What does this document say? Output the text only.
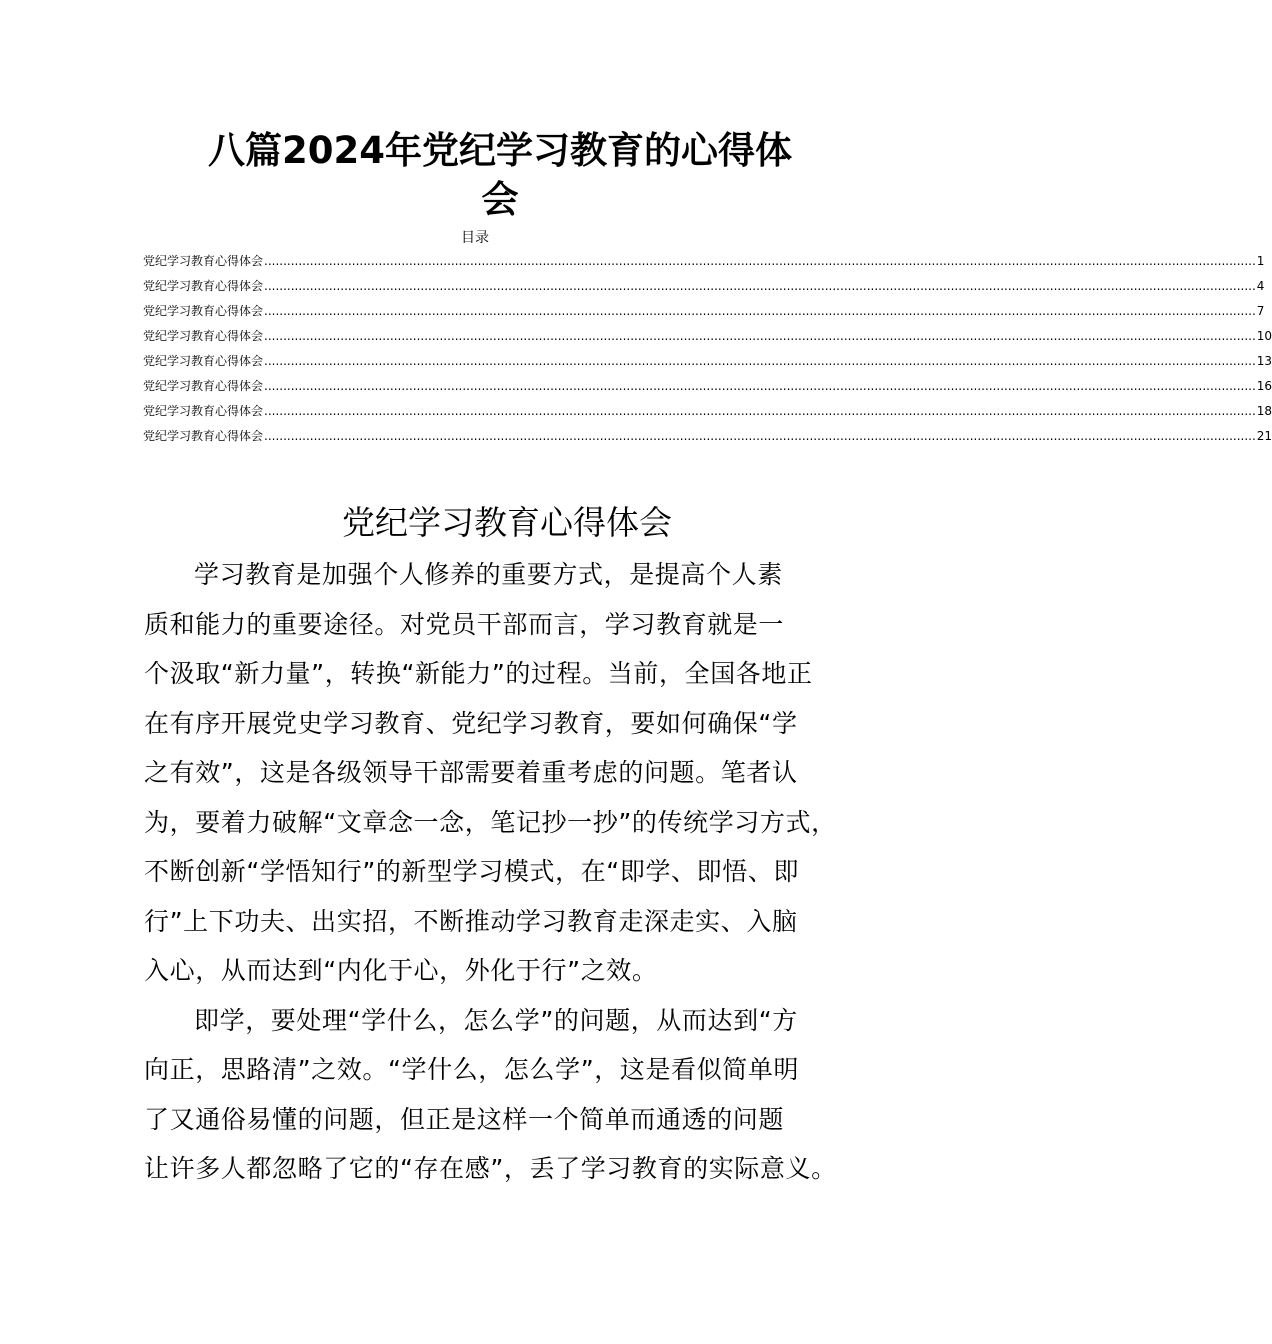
八篇2024年党纪学习教育的心得体
会
目录
党纪学习教育心得体会 .................................................................................................................................................................................................................................................................... 1
党纪学习教育心得体会 .................................................................................................................................................................................................................................................................... 4
党纪学习教育心得体会 .................................................................................................................................................................................................................................................................... 7
党纪学习教育心得体会 .................................................................................................................................................................................................................................................................... 10
党纪学习教育心得体会 .................................................................................................................................................................................................................................................................... 13
党纪学习教育心得体会 .................................................................................................................................................................................................................................................................... 16
党纪学习教育心得体会 .................................................................................................................................................................................................................................................................... 18
党纪学习教育心得体会 .................................................................................................................................................................................................................................................................... 21
党纪学习教育心得体会
学习教育是加强个人修养的重要方式，是提高个人素
质和能力的重要途径。对党员干部而言，学习教育就是一
个汲取“新力量”，转换“新能力”的过程。当前，全国各地正
在有序开展党史学习教育、党纪学习教育，要如何确保“学
之有效”，这是各级领导干部需要着重考虑的问题。笔者认
为，要着力破解“文章念一念，笔记抄一抄”的传统学习方式，
不断创新“学悟知行”的新型学习模式，在“即学、即悟、即
行”上下功夫、出实招，不断推动学习教育走深走实、入脑
入心，从而达到“内化于心，外化于行”之效。
即学，要处理“学什么，怎么学”的问题，从而达到“方
向正，思路清”之效。“学什么，怎么学”，这是看似简单明
了又通俗易懂的问题，但正是这样一个简单而通透的问题
让许多人都忽略了它的“存在感”，丢了学习教育的实际意义。
